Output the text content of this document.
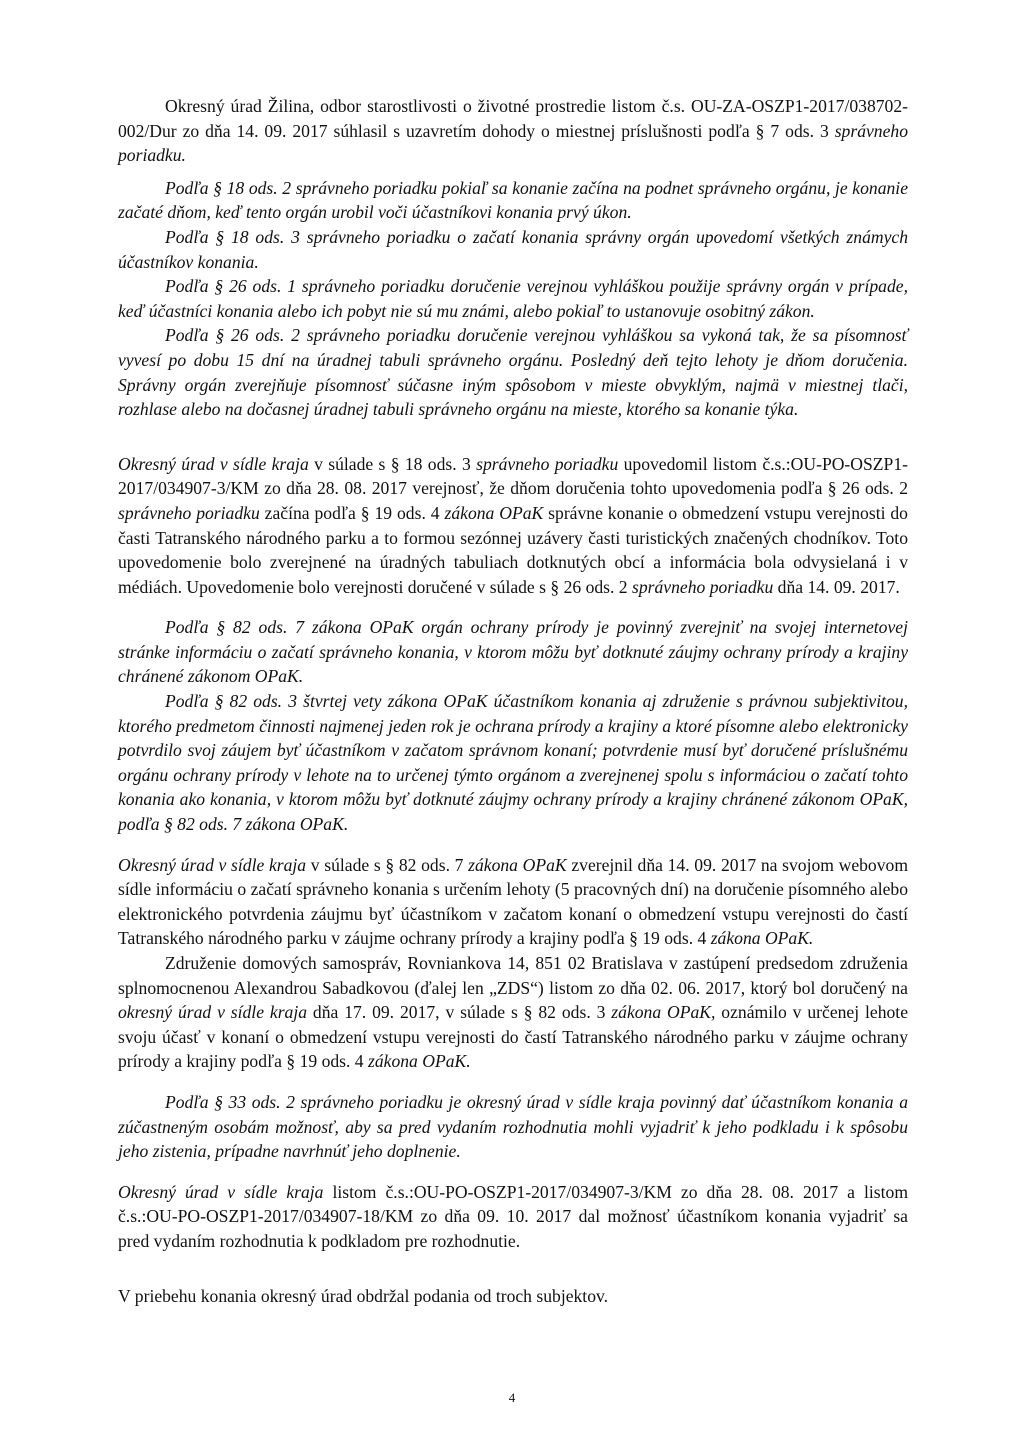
Okresný úrad Žilina, odbor starostlivosti o životné prostredie listom č.s. OU-ZA-OSZP1-2017/038702-002/Dur zo dňa 14. 09. 2017 súhlasil s uzavretím dohody o miestnej príslušnosti podľa § 7 ods. 3 správneho poriadku.

Podľa § 18 ods. 2 správneho poriadku pokiaľ sa konanie začína na podnet správneho orgánu, je konanie začaté dňom, keď tento orgán urobil voči účastníkovi konania prvý úkon.

Podľa § 18 ods. 3 správneho poriadku o začatí konania správny orgán upovedomí všetkých známych účastníkov konania.

Podľa § 26 ods. 1 správneho poriadku doručenie verejnou vyhláškou použije správny orgán v prípade, keď účastníci konania alebo ich pobyt nie sú mu známi, alebo pokiaľ to ustanovuje osobitný zákon.

Podľa § 26 ods. 2 správneho poriadku doručenie verejnou vyhláškou sa vykoná tak, že sa písomnosť vyvesí po dobu 15 dní na úradnej tabuli správneho orgánu. Posledný deň tejto lehoty je dňom doručenia. Správny orgán zverejňuje písomnosť súčasne iným spôsobom v mieste obvyklým, najmä v miestnej tlači, rozhlase alebo na dočasnej úradnej tabuli správneho orgánu na mieste, ktorého sa konanie týka.

Okresný úrad v sídle kraja v súlade s § 18 ods. 3 správneho poriadku upovedomil listom č.s.:OU-PO-OSZP1-2017/034907-3/KM zo dňa 28. 08. 2017 verejnosť, že dňom doručenia tohto upovedomenia podľa § 26 ods. 2 správneho poriadku začína podľa § 19 ods. 4 zákona OPaK správne konanie o obmedzení vstupu verejnosti do časti Tatranského národného parku a to formou sezónnej uzávery časti turistických značených chodníkov. Toto upovedomenie bolo zverejnené na úradných tabuliach dotknutých obcí a informácia bola odvysielaná i v médiách. Upovedomenie bolo verejnosti doručené v súlade s § 26 ods. 2 správneho poriadku dňa 14. 09. 2017.

Podľa § 82 ods. 7 zákona OPaK orgán ochrany prírody je povinný zverejniť na svojej internetovej stránke informáciu o začatí správneho konania, v ktorom môžu byť dotknuté záujmy ochrany prírody a krajiny chránené zákonom OPaK.

Podľa § 82 ods. 3 štvrtej vety zákona OPaK účastníkom konania aj združenie s právnou subjektivitou, ktorého predmetom činnosti najmenej jeden rok je ochrana prírody a krajiny a ktoré písomne alebo elektronicky potvrdilo svoj záujem byť účastníkom v začatom správnom konaní; potvrdenie musí byť doručené príslušnému orgánu ochrany prírody v lehote na to určenej týmto orgánom a zverejnenej spolu s informáciou o začatí tohto konania ako konania, v ktorom môžu byť dotknuté záujmy ochrany prírody a krajiny chránené zákonom OPaK, podľa § 82 ods. 7 zákona OPaK.

Okresný úrad v sídle kraja v súlade s § 82 ods. 7 zákona OPaK zverejnil dňa 14. 09. 2017 na svojom webovom sídle informáciu o začatí správneho konania s určením lehoty (5 pracovných dní) na doručenie písomného alebo elektronického potvrdenia záujmu byť účastníkom v začatom konaní o obmedzení vstupu verejnosti do častí Tatranského národného parku v záujme ochrany prírody a krajiny podľa § 19 ods. 4 zákona OPaK.

Združenie domových samospráv, Rovniankova 14, 851 02 Bratislava v zastúpení predsedom združenia splnomocnenou Alexandrou Sabadkovou (ďalej len „ZDS“) listom zo dňa 02. 06. 2017, ktorý bol doručený na okresný úrad v sídle kraja dňa 17. 09. 2017, v súlade s § 82 ods. 3 zákona OPaK, oznámilo v určenej lehote svoju účasť v konaní o obmedzení vstupu verejnosti do častí Tatranského národného parku v záujme ochrany prírody a krajiny podľa § 19 ods. 4 zákona OPaK.

Podľa § 33 ods. 2 správneho poriadku je okresný úrad v sídle kraja povinný dať účastníkom konania a zúčastneným osobám možnosť, aby sa pred vydaním rozhodnutia mohli vyjadriť k jeho podkladu i k spôsobu jeho zistenia, prípadne navrhnúť jeho doplnenie.

Okresný úrad v sídle kraja listom č.s.:OU-PO-OSZP1-2017/034907-3/KM zo dňa 28. 08. 2017 a listom č.s.:OU-PO-OSZP1-2017/034907-18/KM zo dňa 09. 10. 2017 dal možnosť účastníkom konania vyjadriť sa pred vydaním rozhodnutia k podkladom pre rozhodnutie.

V priebehu konania okresný úrad obdržal podania od troch subjektov.

4
